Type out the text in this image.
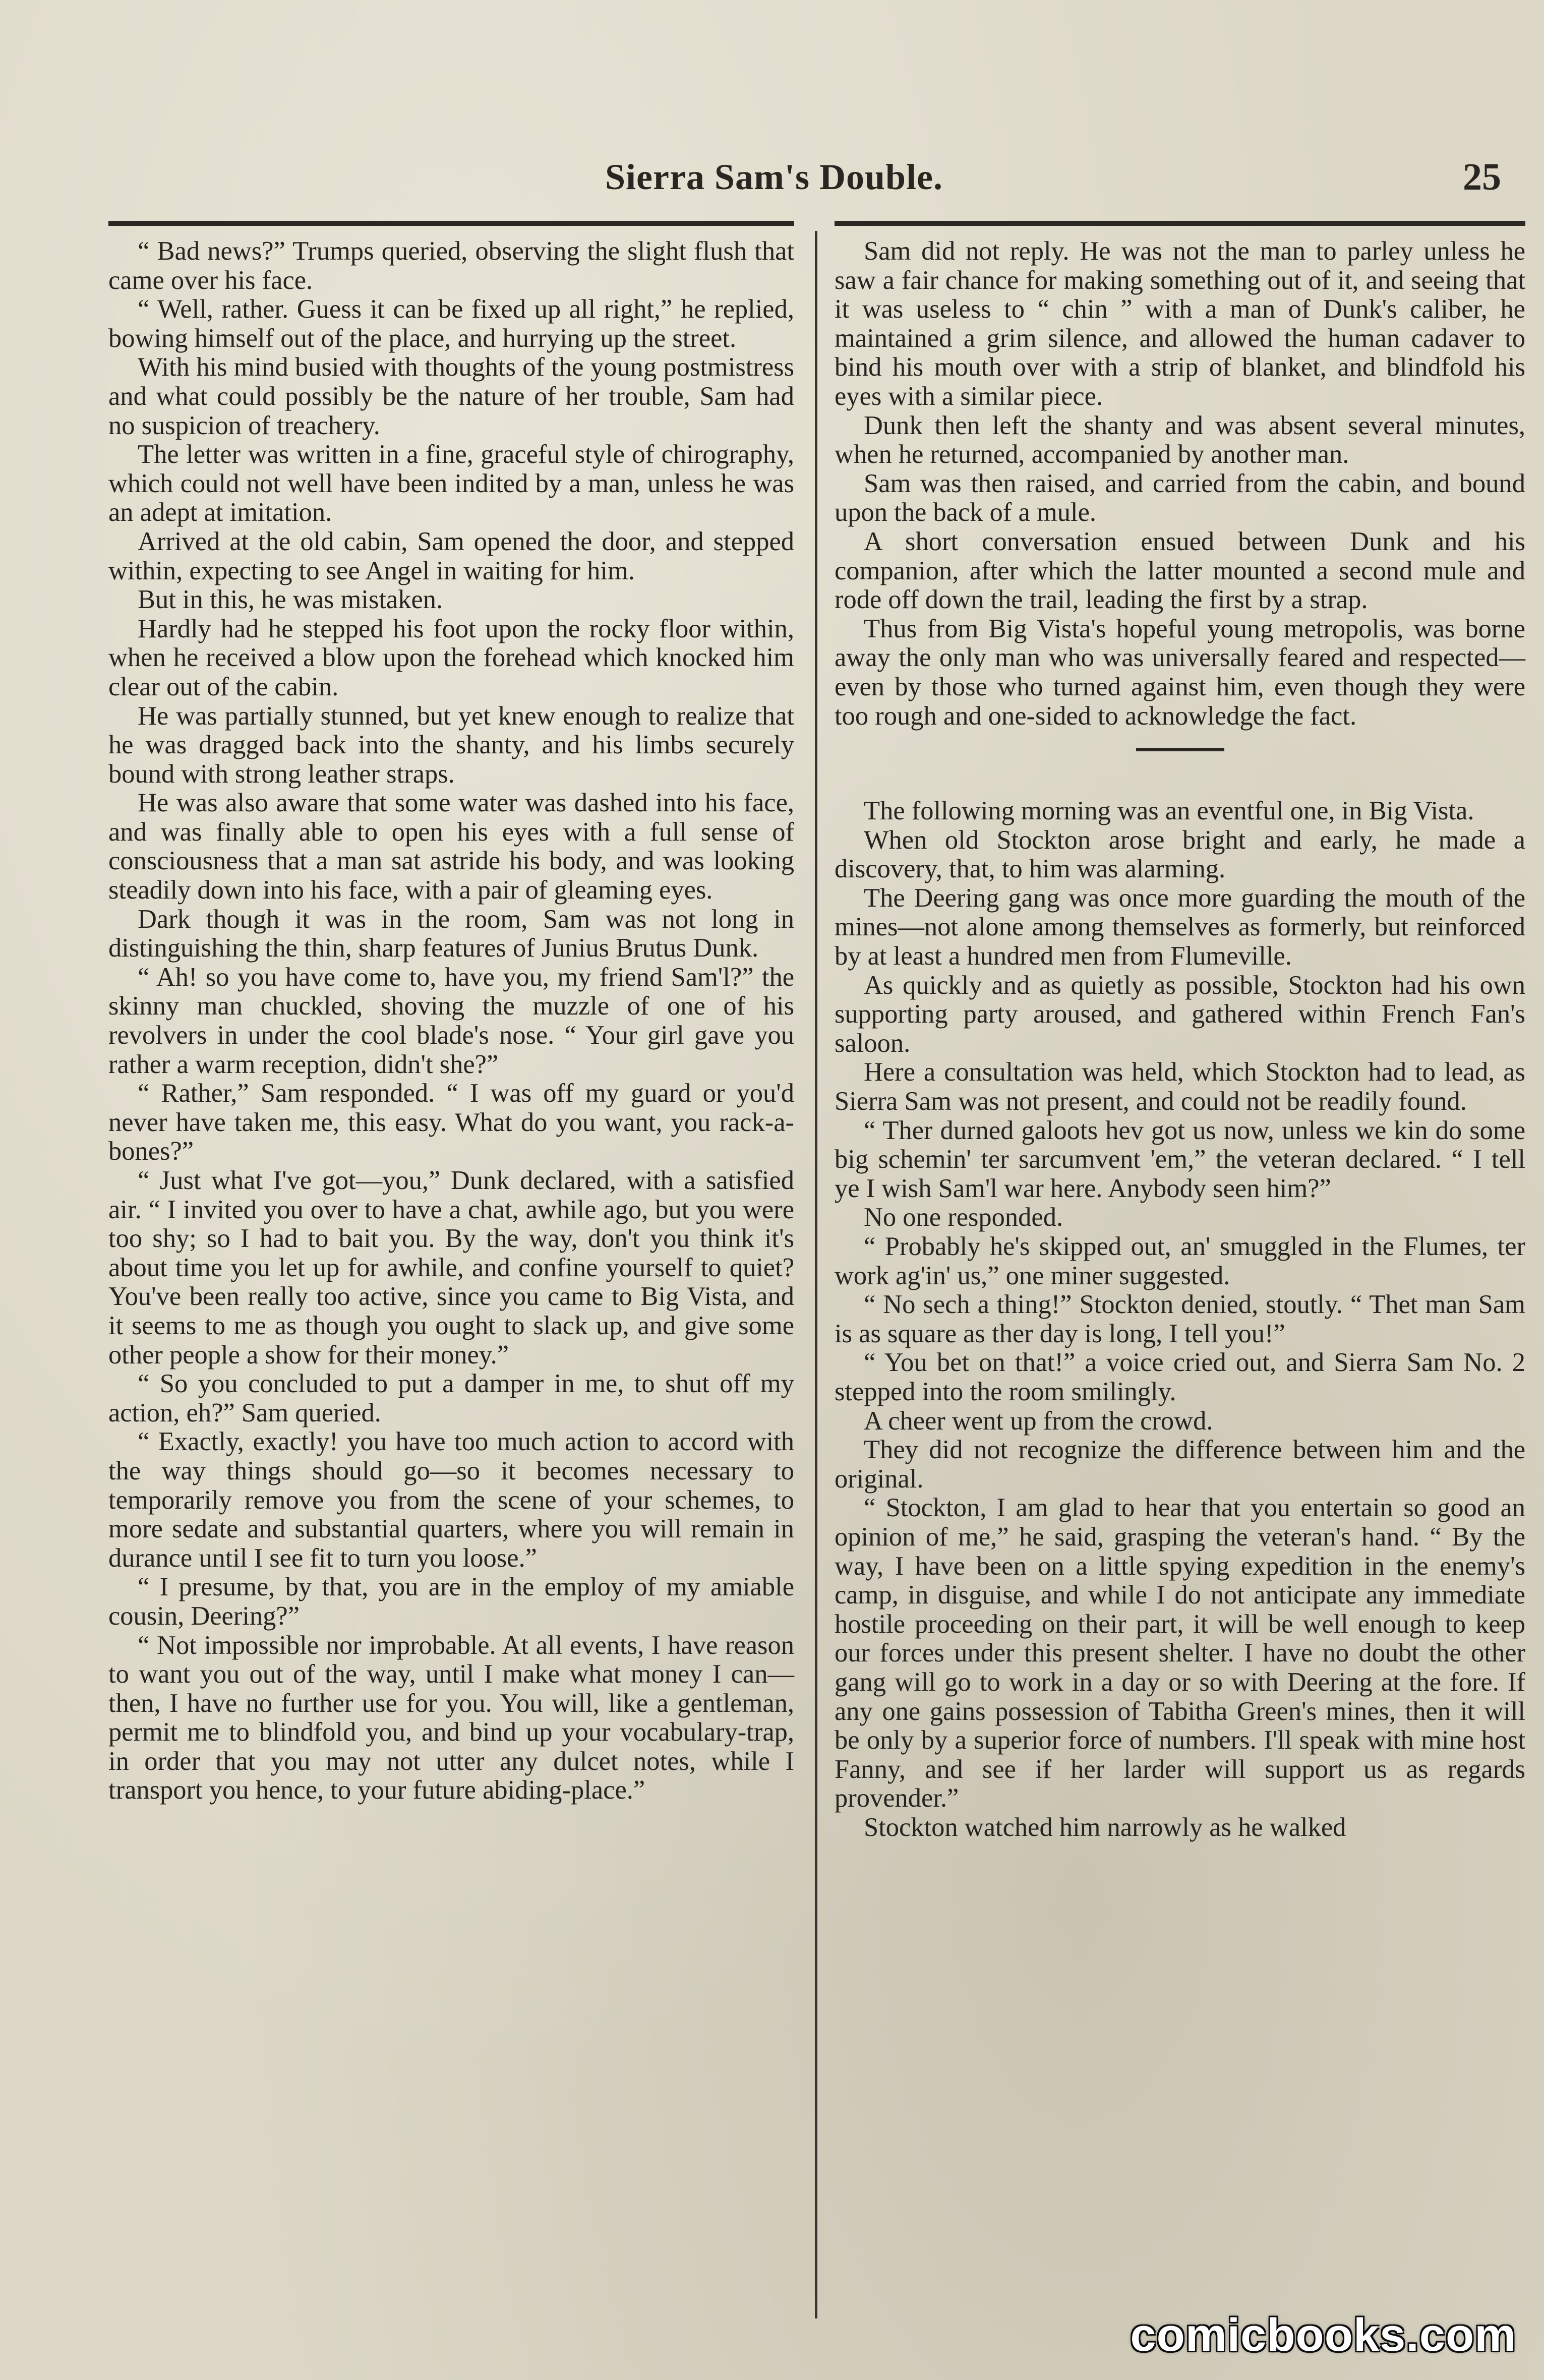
Sierra Sam's Double.	25

“ Bad news?” Trumps queried, observing the slight flush that came over his face.

“ Well, rather. Guess it can be fixed up all right,” he replied, bowing himself out of the place, and hurrying up the street.

With his mind busied with thoughts of the young postmistress and what could possibly be the nature of her trouble, Sam had no suspicion of treachery.

The letter was written in a fine, graceful style of chirography, which could not well have been indited by a man, unless he was an adept at imitation.

Arrived at the old cabin, Sam opened the door, and stepped within, expecting to see Angel in waiting for him.

But in this, he was mistaken.

Hardly had he stepped his foot upon the rocky floor within, when he received a blow upon the forehead which knocked him clear out of the cabin.

He was partially stunned, but yet knew enough to realize that he was dragged back into the shanty, and his limbs securely bound with strong leather straps.

He was also aware that some water was dashed into his face, and was finally able to open his eyes with a full sense of consciousness that a man sat astride his body, and was looking steadily down into his face, with a pair of gleaming eyes.

Dark though it was in the room, Sam was not long in distinguishing the thin, sharp features of Junius Brutus Dunk.

“ Ah! so you have come to, have you, my friend Sam'l?” the skinny man chuckled, shoving the muzzle of one of his revolvers in under the cool blade's nose. “ Your girl gave you rather a warm reception, didn't she?”

“ Rather,” Sam responded. “ I was off my guard or you'd never have taken me, this easy. What do you want, you rack-a-bones?”

“ Just what I've got—you,” Dunk declared, with a satisfied air. “ I invited you over to have a chat, awhile ago, but you were too shy; so I had to bait you. By the way, don't you think it's about time you let up for awhile, and confine yourself to quiet? You've been really too active, since you came to Big Vista, and it seems to me as though you ought to slack up, and give some other people a show for their money.”

“ So you concluded to put a damper in me, to shut off my action, eh?” Sam queried.

“ Exactly, exactly! you have too much action to accord with the way things should go—so it becomes necessary to temporarily remove you from the scene of your schemes, to more sedate and substantial quarters, where you will remain in durance until I see fit to turn you loose.”

“ I presume, by that, you are in the employ of my amiable cousin, Deering?”

“ Not impossible nor improbable. At all events, I have reason to want you out of the way, until I make what money I can—then, I have no further use for you. You will, like a gentleman, permit me to blindfold you, and bind up your vocabulary-trap, in order that you may not utter any dulcet notes, while I transport you hence, to your future abiding-place.”

Sam did not reply. He was not the man to parley unless he saw a fair chance for making something out of it, and seeing that it was useless to “ chin ” with a man of Dunk's caliber, he maintained a grim silence, and allowed the human cadaver to bind his mouth over with a strip of blanket, and blindfold his eyes with a similar piece.

Dunk then left the shanty and was absent several minutes, when he returned, accompanied by another man.

Sam was then raised, and carried from the cabin, and bound upon the back of a mule.

A short conversation ensued between Dunk and his companion, after which the latter mounted a second mule and rode off down the trail, leading the first by a strap.

Thus from Big Vista's hopeful young metropolis, was borne away the only man who was universally feared and respected—even by those who turned against him, even though they were too rough and one-sided to acknowledge the fact.

The following morning was an eventful one, in Big Vista.

When old Stockton arose bright and early, he made a discovery, that, to him was alarming.

The Deering gang was once more guarding the mouth of the mines—not alone among themselves as formerly, but reinforced by at least a hundred men from Flumeville.

As quickly and as quietly as possible, Stockton had his own supporting party aroused, and gathered within French Fan's saloon.

Here a consultation was held, which Stockton had to lead, as Sierra Sam was not present, and could not be readily found.

“ Ther durned galoots hev got us now, unless we kin do some big schemin' ter sarcumvent 'em,” the veteran declared. “ I tell ye I wish Sam'l war here. Anybody seen him?”

No one responded.

“ Probably he's skipped out, an' smuggled in the Flumes, ter work ag'in' us,” one miner suggested.

“ No sech a thing!” Stockton denied, stoutly. “ Thet man Sam is as square as ther day is long, I tell you!”

“ You bet on that!” a voice cried out, and Sierra Sam No. 2 stepped into the room smilingly.

A cheer went up from the crowd.

They did not recognize the difference between him and the original.

“ Stockton, I am glad to hear that you entertain so good an opinion of me,” he said, grasping the veteran's hand. “ By the way, I have been on a little spying expedition in the enemy's camp, in disguise, and while I do not anticipate any immediate hostile proceeding on their part, it will be well enough to keep our forces under this present shelter. I have no doubt the other gang will go to work in a day or so with Deering at the fore. If any one gains possession of Tabitha Green's mines, then it will be only by a superior force of numbers. I'll speak with mine host Fanny, and see if her larder will support us as regards provender.”

Stockton watched him narrowly as he walked

comicbooks.com
